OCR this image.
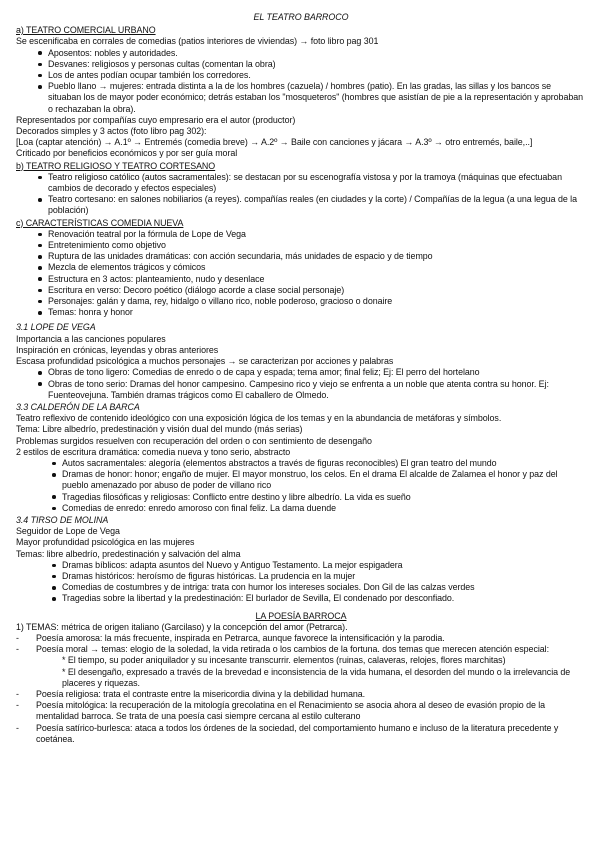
EL TEATRO BARROCO
a) TEATRO COMERCIAL URBANO
Se escenificaba en corrales de comedias (patios interiores de viviendas) → foto libro pag 301
Aposentos: nobles y autoridades.
Desvanes: religiosos y personas cultas (comentan la obra)
Los de antes podían ocupar también los corredores.
Pueblo llano → mujeres: entrada distinta a la de los hombres (cazuela) / hombres (patio). En las gradas, las sillas y los bancos se situaban los de mayor poder económico; detrás estaban los "mosqueteros" (hombres que asistían de pie a la representación y aprobaban o rechazaban la obra).
Representados por compañías cuyo empresario era el autor (productor)
Decorados simples y 3 actos (foto libro pag 302):
[Loa (captar atención) → A.1º → Entremés (comedia breve) → A.2º → Baile con canciones y jácara → A.3º → otro entremés, baile,..]
Criticado por beneficios económicos y por ser guía moral
b) TEATRO RELIGIOSO Y TEATRO CORTESANO
Teatro religioso católico (autos sacramentales): se destacan por su escenografía vistosa y por la tramoya (máquinas que efectuaban cambios de decorado y efectos especiales)
Teatro cortesano: en salones nobiliarios (a reyes). compañías reales (en ciudades y la corte) / Compañías de la legua (a una legua de la población)
c) CARACTERÍSTICAS COMEDIA NUEVA
Renovación teatral por la fórmula de Lope de Vega
Entretenimiento como objetivo
Ruptura de las unidades dramáticas: con acción secundaria, más unidades de espacio y de tiempo
Mezcla de elementos trágicos y cómicos
Estructura en 3 actos: planteamiento, nudo y desenlace
Escritura en verso: Decoro poético (diálogo acorde a clase social personaje)
Personajes: galán y dama, rey, hidalgo o villano rico, noble poderoso, gracioso o donaire
Temas: honra y honor
3.1 LOPE DE VEGA
Importancia a las canciones populares
Inspiración en crónicas, leyendas y obras anteriores
Escasa profundidad psicológica a muchos personajes → se caracterizan por acciones y palabras
Obras de tono ligero: Comedias de enredo o de capa y espada; tema amor; final feliz; Ej: El perro del hortelano
Obras de tono serio: Dramas del honor campesino. Campesino rico y viejo se enfrenta a un noble que atenta contra su honor. Ej: Fuenteovejuna. También dramas trágicos como El caballero de Olmedo.
3.3 CALDERÓN DE LA BARCA
Teatro reflexivo de contenido ideológico con una exposición lógica de los temas y en la abundancia de metáforas y símbolos.
Tema: Libre albedrío, predestinación y visión dual del mundo (más serias)
Problemas surgidos resuelven con recuperación del orden o con sentimiento de desengaño
2 estilos de escritura dramática: comedia nueva y tono serio, abstracto
Autos sacramentales: alegoría (elementos abstractos a través de figuras reconocibles) El gran teatro del mundo
Dramas de honor: honor; engaño de mujer. El mayor monstruo, los celos. En el drama El alcalde de Zalamea el honor y paz del pueblo amenazado por abuso de poder de villano rico
Tragedias filosóficas y religiosas: Conflicto entre destino y libre albedrío. La vida es sueño
Comedias de enredo: enredo amoroso con final feliz. La dama duende
3.4 TIRSO DE MOLINA
Seguidor de Lope de Vega
Mayor profundidad psicológica en las mujeres
Temas: libre albedrío, predestinación y salvación del alma
Dramas bíblicos: adapta asuntos del Nuevo y Antiguo Testamento. La mejor espigadera
Dramas históricos: heroísmo de figuras históricas. La prudencia en la mujer
Comedias de costumbres y de intriga: trata con humor los intereses sociales. Don Gil de las calzas verdes
Tragedias sobre la libertad y la predestinación: El burlador de Sevilla, El condenado por desconfiado.
LA POESÍA BARROCA
1) TEMAS: métrica de origen italiano (Garcilaso) y la concepción del amor (Petrarca).
- Poesía amorosa: la más frecuente, inspirada en Petrarca, aunque favorece la intensificación y la parodia.
- Poesía moral → temas: elogio de la soledad, la vida retirada o los cambios de la fortuna. dos temas que merecen atención especial:
* El tiempo, su poder aniquilador y su incesante transcurrir. elementos (ruinas, calaveras, relojes, flores marchitas)
* El desengaño, expresado a través de la brevedad e inconsistencia de la vida humana, el desorden del mundo o la irrelevancia de placeres y riquezas.
- Poesía religiosa: trata el contraste entre la misericordia divina y la debilidad humana.
- Poesía mitológica: la recuperación de la mitología grecolatina en el Renacimiento se asocia ahora al deseo de evasión propio de la mentalidad barroca. Se trata de una poesía casi siempre cercana al estilo culterano
- Poesía satírico-burlesca: ataca a todos los órdenes de la sociedad, del comportamiento humano e incluso de la literatura precedente y coetánea.
